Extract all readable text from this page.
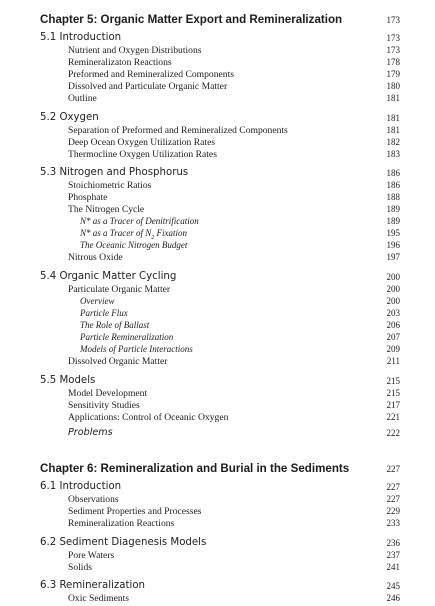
Chapter 5: Organic Matter Export and Remineralization	173
5.1 Introduction	173
Nutrient and Oxygen Distributions	173
Remineralizaton Reactions	178
Preformed and Remineralized Components	179
Dissolved and Particulate Organic Matter	180
Outline	181
5.2 Oxygen	181
Separation of Preformed and Remineralized Components	181
Deep Ocean Oxygen Utilization Rates	182
Thermocline Oxygen Utilization Rates	183
5.3 Nitrogen and Phosphorus	186
Stoichiometric Ratios	186
Phosphate	188
The Nitrogen Cycle	189
N* as a Tracer of Denitrification	189
N* as a Tracer of $N_2$ Fixation	195
The Oceanic Nitrogen Budget	196
Nitrous Oxide	197
5.4 Organic Matter Cycling	200
Particulate Organic Matter	200
Overview	200
Particle Flux	203
The Role of Ballast	206
Particle Remineralization	207
Models of Particle Interactions	209
Dissolved Organic Matter	211
5.5 Models	215
Model Development	215
Sensitivity Studies	217
Applications: Control of Oceanic Oxygen	221
Problems	222
Chapter 6: Remineralization and Burial in the Sediments	227
6.1 Introduction	227
Observations	227
Sediment Properties and Processes	229
Remineralization Reactions	233
6.2 Sediment Diagenesis Models	236
Pore Waters	237
Solids	241
6.3 Remineralization	245
Oxic Sediments	246
